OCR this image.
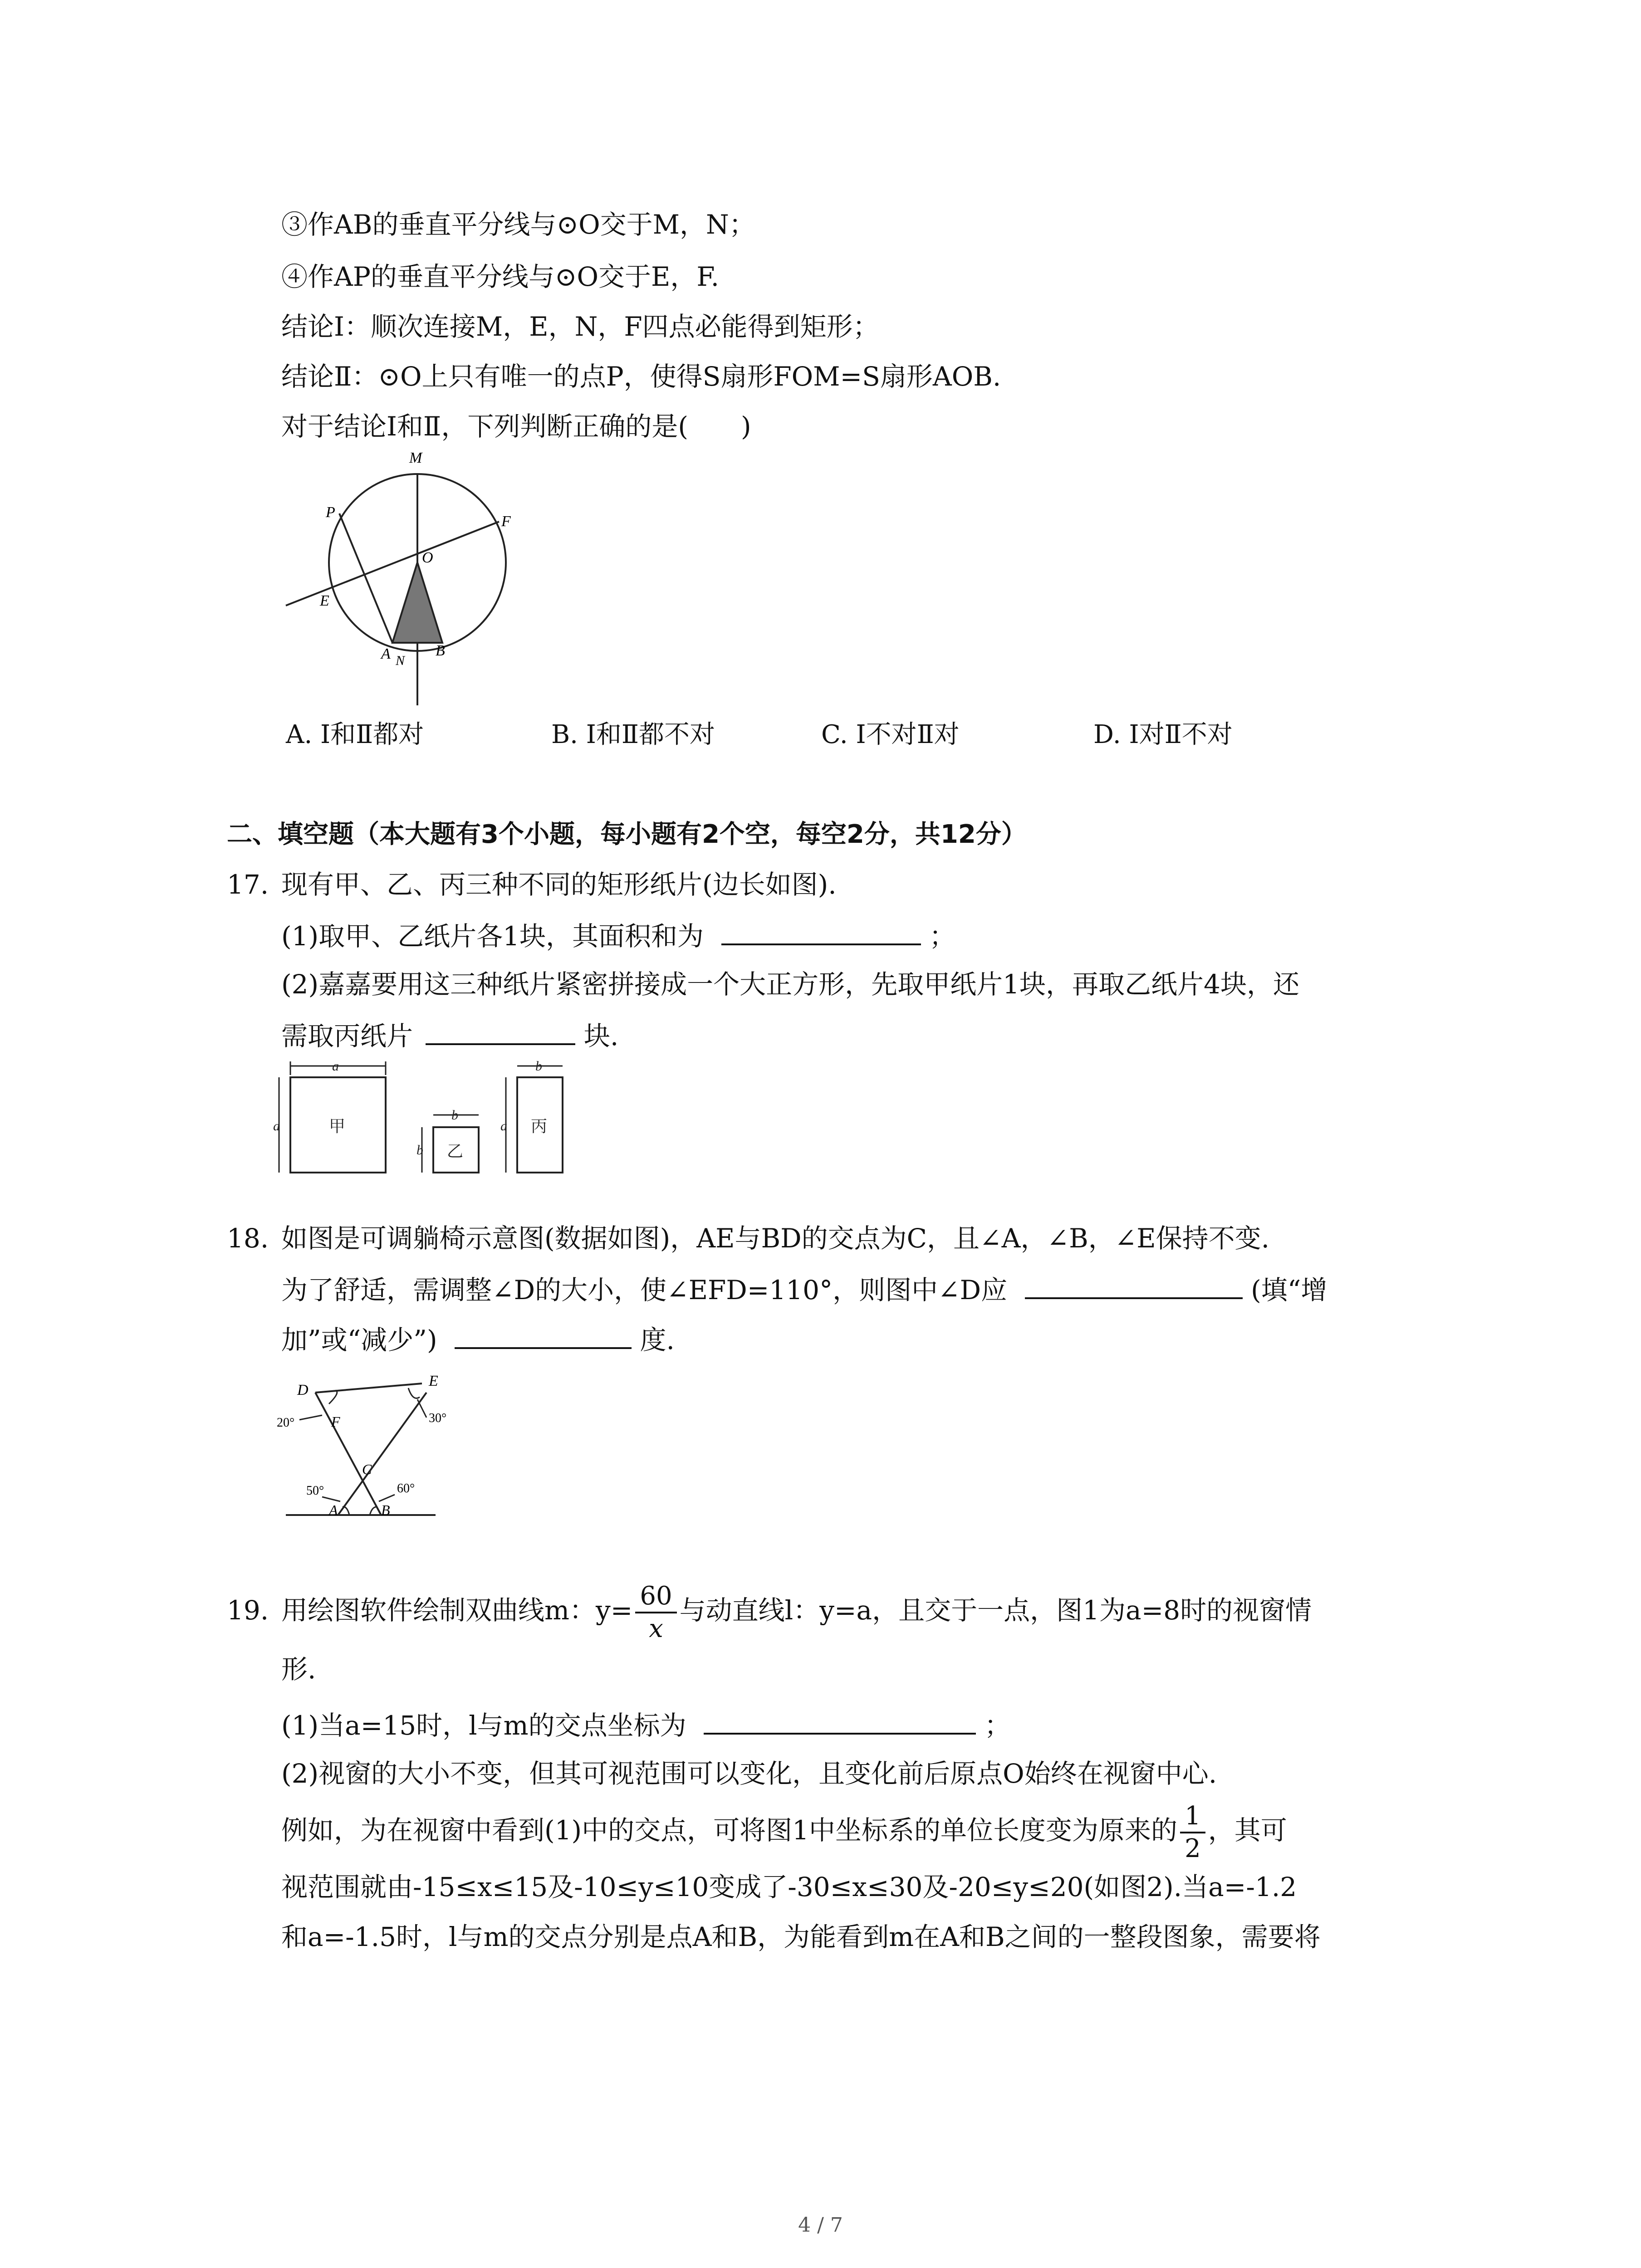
③作AB的垂直平分线与⊙O交于M，N；
④作AP的垂直平分线与⊙O交于E，F.
结论Ⅰ：顺次连接M，E，N，F四点必能得到矩形；
结论Ⅱ：⊙O上只有唯一的点P，使得S扇形FOM=S扇形AOB.
对于结论Ⅰ和Ⅱ，下列判断正确的是(　　)
M
P
F
O
E
A N
B
A. Ⅰ和Ⅱ都对	B. Ⅰ和Ⅱ都不对	C. Ⅰ不对Ⅱ对	D. Ⅰ对Ⅱ不对
二、填空题（本大题有3个小题，每小题有2个空，每空2分，共12分）
17. 现有甲、乙、丙三种不同的矩形纸片(边长如图).
(1)取甲、乙纸片各1块，其面积和为	；
(2)嘉嘉要用这三种纸片紧密拼接成一个大正方形，先取甲纸片1块，再取乙纸片4块，还
需取丙纸片	块.
a
a	甲
b
b 乙
b
a 丙
18. 如图是可调躺椅示意图(数据如图)，AE与BD的交点为C，且∠A，∠B，∠E保持不变.
为了舒适，需调整∠D的大小，使∠EFD=110°，则图中∠D应	(填“增
加”或“减少”)	度.
D
E
F
C
A	B
20°	30°
50°	60°
19. 用绘图软件绘制双曲线m：$y= \frac{60}{x}$ 与动直线l：y=a，且交于一点，图1为a=8时的视窗情
形.
(1)当a=15时，l与m的交点坐标为	；
(2)视窗的大小不变，但其可视范围可以变化，且变化前后原点O始终在视窗中心.
例如，为在视窗中看到(1)中的交点，可将图1中坐标系的单位长度变为原来的 $\frac{1}{2}$ ，其可
视范围就由-15≤x≤15及-10≤y≤10变成了-30≤x≤30及-20≤y≤20(如图2).当a=-1.2
和a=-1.5时，l与m的交点分别是点A和B，为能看到m在A和B之间的一整段图象，需要将
4 / 7
